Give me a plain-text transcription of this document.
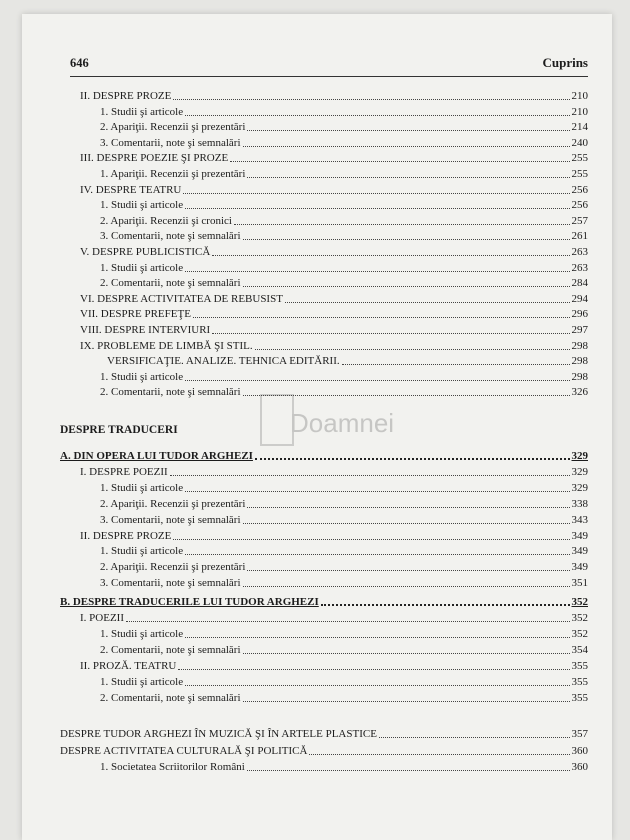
646	Cuprins
Doamnei
II. DESPRE PROZE	210
1. Studii şi articole	210
2. Apariţii. Recenzii şi prezentări	214
3. Comentarii, note şi semnalări	240
III. DESPRE POEZIE ŞI PROZE	255
1. Apariţii. Recenzii şi prezentări	255
IV. DESPRE TEATRU	256
1. Studii şi articole	256
2. Apariţii. Recenzii şi cronici	257
3. Comentarii, note şi semnalări	261
V. DESPRE PUBLICISTICĂ	263
1. Studii şi articole	263
2. Comentarii, note şi semnalări	284
VI. DESPRE ACTIVITATEA DE REBUSIST	294
VII. DESPRE PREFEŢE	296
VIII. DESPRE INTERVIURI	297
IX. PROBLEME DE LIMBĂ ŞI STIL.	298
VERSIFICAŢIE. ANALIZE. TEHNICA EDITĂRII.	298
1. Studii şi articole	298
2. Comentarii, note şi semnalări	326
DESPRE TRADUCERI
A. DIN OPERA LUI TUDOR ARGHEZI	329
I. DESPRE POEZII	329
1. Studii şi articole	329
2. Apariţii. Recenzii şi prezentări	338
3. Comentarii, note şi semnalări	343
II. DESPRE PROZE	349
1. Studii şi articole	349
2. Apariţii. Recenzii şi prezentări	349
3. Comentarii, note şi semnalări	351
B. DESPRE TRADUCERILE LUI TUDOR ARGHEZI	352
I. POEZII	352
1. Studii şi articole	352
2. Comentarii, note şi semnalări	354
II. PROZĂ. TEATRU	355
1. Studii şi articole	355
2. Comentarii, note şi semnalări	355
DESPRE TUDOR ARGHEZI ÎN MUZICĂ ŞI ÎN ARTELE PLASTICE	357
DESPRE ACTIVITATEA CULTURALĂ ŞI POLITICĂ	360
1. Societatea Scriitorilor Români	360
